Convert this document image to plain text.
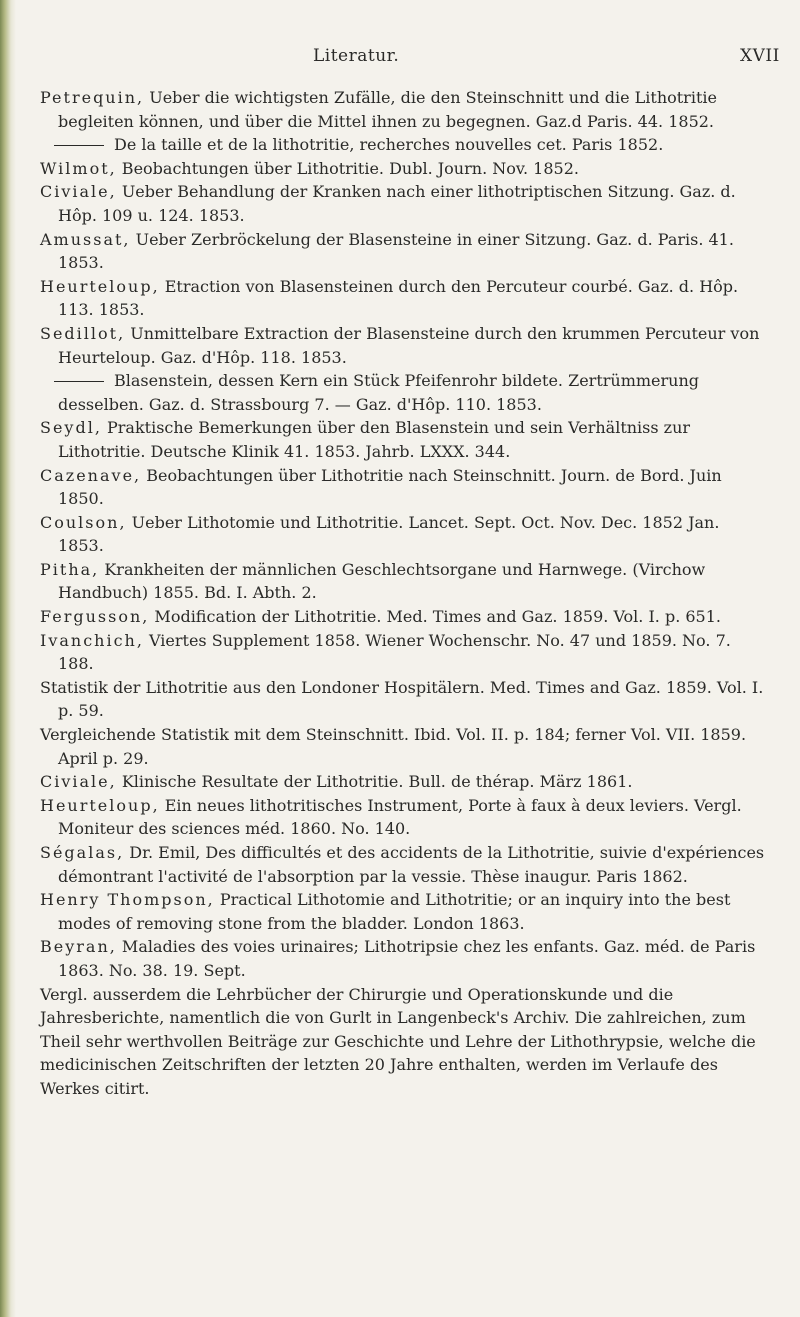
Literatur.	XVII

Petrequin, Ueber die wichtigsten Zufälle, die den Steinschnitt und die Lithotritie begleiten können, und über die Mittel ihnen zu begegnen. Gaz.d Paris. 44. 1852.

De la taille et de la lithotritie, recherches nouvelles cet. Paris 1852.

Wilmot, Beobachtungen über Lithotritie. Dubl. Journ. Nov. 1852.

Civiale, Ueber Behandlung der Kranken nach einer lithotriptischen Sitzung. Gaz. d. Hôp. 109 u. 124. 1853.

Amussat, Ueber Zerbröckelung der Blasensteine in einer Sitzung. Gaz. d. Paris. 41. 1853.

Heurteloup, Etraction von Blasensteinen durch den Percuteur courbé. Gaz. d. Hôp. 113. 1853.

Sedillot, Unmittelbare Extraction der Blasensteine durch den krummen Percuteur von Heurteloup. Gaz. d'Hôp. 118. 1853.

Blasenstein, dessen Kern ein Stück Pfeifenrohr bildete. Zertrümmerung desselben. Gaz. d. Strassbourg 7. — Gaz. d'Hôp. 110. 1853.

Seydl, Praktische Bemerkungen über den Blasenstein und sein Verhältniss zur Lithotritie. Deutsche Klinik 41. 1853. Jahrb. LXXX. 344.

Cazenave, Beobachtungen über Lithotritie nach Steinschnitt. Journ. de Bord. Juin 1850.

Coulson, Ueber Lithotomie und Lithotritie. Lancet. Sept. Oct. Nov. Dec. 1852 Jan. 1853.

Pitha, Krankheiten der männlichen Geschlechtsorgane und Harnwege. (Virchow Handbuch) 1855. Bd. I. Abth. 2.

Fergusson, Modification der Lithotritie. Med. Times and Gaz. 1859. Vol. I. p. 651.

Ivanchich, Viertes Supplement 1858. Wiener Wochenschr. No. 47 und 1859. No. 7. 188.

Statistik der Lithotritie aus den Londoner Hospitälern. Med. Times and Gaz. 1859. Vol. I. p. 59.

Vergleichende Statistik mit dem Steinschnitt. Ibid. Vol. II. p. 184; ferner Vol. VII. 1859. April p. 29.

Civiale, Klinische Resultate der Lithotritie. Bull. de thérap. März 1861.

Heurteloup, Ein neues lithotritisches Instrument, Porte à faux à deux leviers. Vergl. Moniteur des sciences méd. 1860. No. 140.

Ségalas, Dr. Emil, Des difficultés et des accidents de la Lithotritie, suivie d'expériences démontrant l'activité de l'absorption par la vessie. Thèse inaugur. Paris 1862.

Henry Thompson, Practical Lithotomie and Lithotritie; or an inquiry into the best modes of removing stone from the bladder. London 1863.

Beyran, Maladies des voies urinaires; Lithotripsie chez les enfants. Gaz. méd. de Paris 1863. No. 38. 19. Sept.

Vergl. ausserdem die Lehrbücher der Chirurgie und Operationskunde und die Jahresberichte, namentlich die von Gurlt in Langenbeck's Archiv. Die zahlreichen, zum Theil sehr werthvollen Beiträge zur Geschichte und Lehre der Lithothrypsie, welche die medicinischen Zeitschriften der letzten 20 Jahre enthalten, werden im Verlaufe des Werkes citirt.
